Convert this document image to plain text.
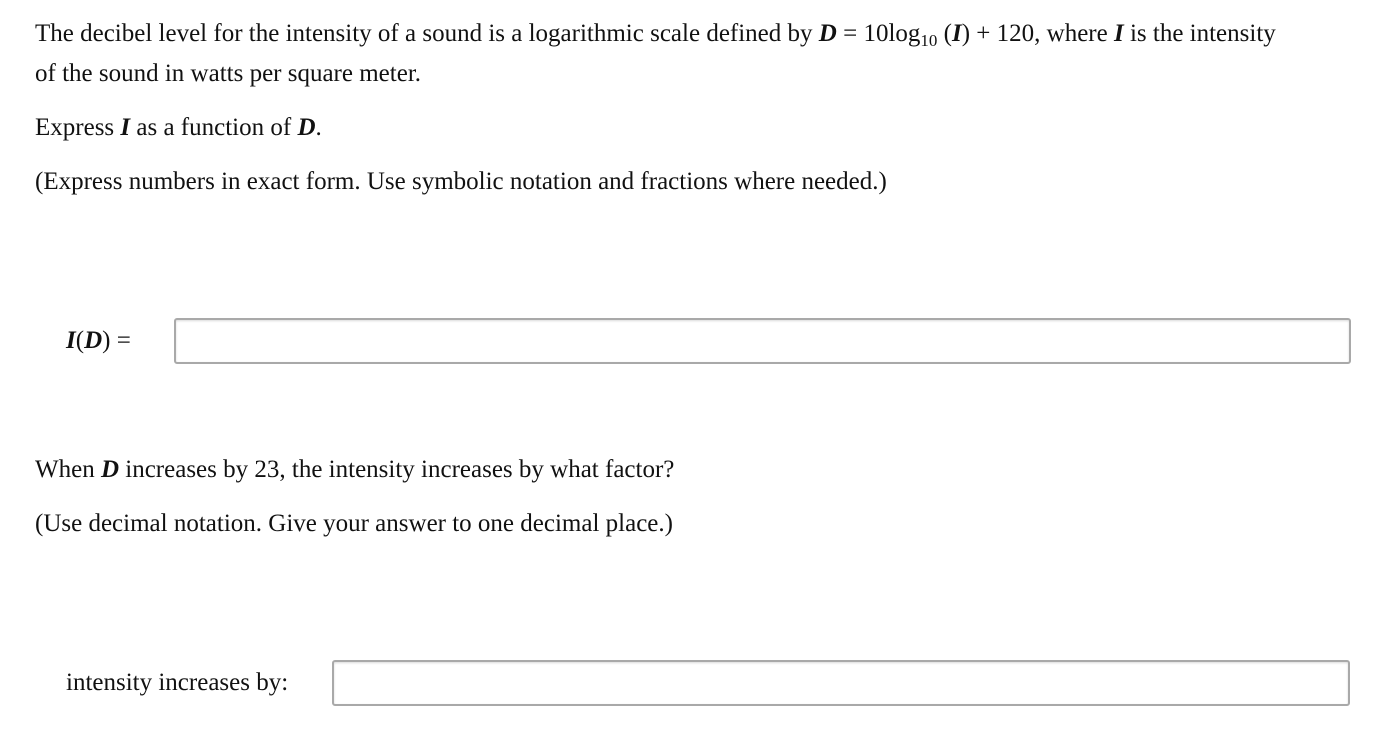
The decibel level for the intensity of a sound is a logarithmic scale defined by $D = 10\log_{10}$ (I) + 120, where I is the intensity
of the sound in watts per square meter.
Express I as a function of D.
(Express numbers in exact form. Use symbolic notation and fractions where needed.)
I(D) =
When D increases by 23, the intensity increases by what factor?
(Use decimal notation. Give your answer to one decimal place.)
intensity increases by:
